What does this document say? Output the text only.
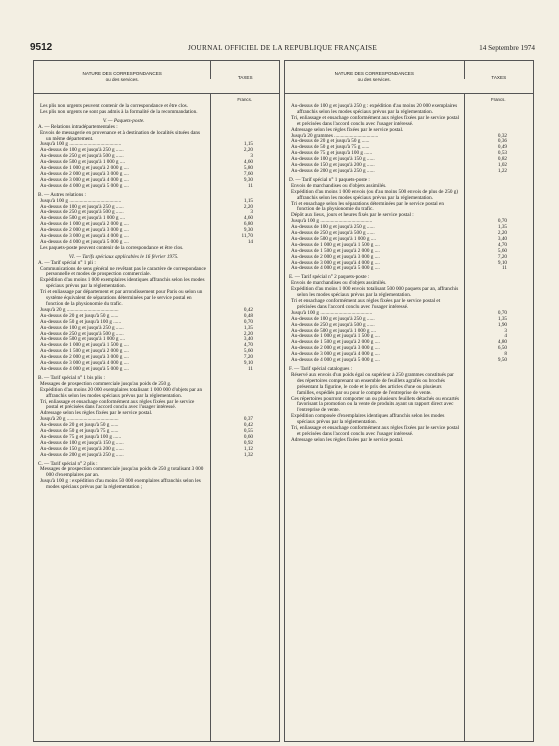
9512	JOURNAL OFFICIEL DE LA REPUBLIQUE FRANÇAISE	14 Septembre 1974
NATURE DES CORRESPONDANCES
ou des services.	TAXES
Francs.
Les plis non urgents peuvent contenir de la correspondance et être clos.
Les plis non urgents ne sont pas admis à la formalité de la recommandation.
V. — Paquets-poste.
A. — Relations intradépartementales :
Envois de messagerie en provenance et à destination de localités situées dans un même département.
Jusqu'à 100 g ........................................	1,15
Au-dessus de 100 g et jusqu'à 250 g ......	2,20
Au-dessus de 250 g et jusqu'à 500 g ......	3
Au-dessus de 500 g et jusqu'à 1 000 g ....	4,60
Au-dessus de 1 000 g et jusqu'à 2 000 g ....	5,80
Au-dessus de 2 000 g et jusqu'à 3 000 g ....	7,60
Au-dessus de 3 000 g et jusqu'à 4 000 g ....	9,30
Au-dessus de 4 000 g et jusqu'à 5 000 g ....	11
B. — Autres relations :
Jusqu'à 100 g ........................................	1,15
Au-dessus de 100 g et jusqu'à 250 g ......	2,20
Au-dessus de 250 g et jusqu'à 500 g ......	3
Au-dessus de 500 g et jusqu'à 1 000 g ....	4,60
Au-dessus de 1 000 g et jusqu'à 2 000 g ....	6,80
Au-dessus de 2 000 g et jusqu'à 3 000 g ....	9,30
Au-dessus de 3 000 g et jusqu'à 4 000 g ....	11,70
Au-dessus de 4 000 g et jusqu'à 5 000 g ....	14
Les paquets-poste peuvent contenir de la correspondance et être clos.
VI. — Tarifs spéciaux applicables le 16 février 1975.
A. — Tarif spécial n° 1 pli :
Communications de sens général ne revêtant pas le caractère de correspondance personnelle et modes de prospection commerciale.
Expédition d'au moins 1 000 exemplaires identiques affranchis selon les modes spéciaux prévus par la réglementation.
Tri et enliassage par département et par arrondissement pour Paris ou selon un système équivalent de séparations déterminées par le service postal en fonction de la physionomie du trafic.
Jusqu'à 20 g ........................................	0,42
Au-dessus de 20 g et jusqu'à 50 g ......	0,48
Au-dessus de 50 g et jusqu'à 100 g ......	0,70
Au-dessus de 100 g et jusqu'à 250 g ......	1,35
Au-dessus de 250 g et jusqu'à 500 g ......	2,20
Au-dessus de 500 g et jusqu'à 1 000 g ....	3,40
Au-dessus de 1 000 g et jusqu'à 1 500 g ....	4,70
Au-dessus de 1 500 g et jusqu'à 2 000 g ....	5,60
Au-dessus de 2 000 g et jusqu'à 3 000 g ....	7,20
Au-dessus de 3 000 g et jusqu'à 4 000 g ....	9,10
Au-dessus de 4 000 g et jusqu'à 5 000 g ....	11
B. — Tarif spécial n° 1 bis plis :
Messages de prospection commerciale jusqu'au poids de 250 g.
Expédition d'au moins 20 000 exemplaires totalisant 1 000 000 d'objets par an affranchis selon les modes spéciaux prévus par la réglementation.
Tri, enliassage et ensachage conformément aux règles fixées par le service postal et précisées dans l'accord conclu avec l'usager intéressé.
Adressage selon les règles fixées par le service postal.
Jusqu'à 20 g ........................................	0,37
Au-dessus de 20 g et jusqu'à 50 g ......	0,42
Au-dessus de 50 g et jusqu'à 75 g ......	0,55
Au-dessus de 75 g et jusqu'à 100 g ......	0,60
Au-dessus de 100 g et jusqu'à 150 g ......	0,92
Au-dessus de 150 g et jusqu'à 200 g ......	1,12
Au-dessus de 200 g et jusqu'à 250 g ......	1,32
C. — Tarif spécial n° 2 plis :
Messages de prospection commerciale jusqu'au poids de 250 g totalisant 3 000 000 d'exemplaires par an.
Jusqu'à 100 g : expédition d'au moins 50 000 exemplaires affranchis selon les modes spéciaux prévus par la réglementation ;
NATURE DES CORRESPONDANCES
ou des services.	TAXES
Francs.
Au-dessus de 100 g et jusqu'à 250 g : expédition d'au moins 20 000 exemplaires affranchis selon les modes spéciaux prévus par la réglementation.
Tri, enliassage et ensachage conformément aux règles fixées par le service postal et précisées dans l'accord conclu avec l'usager intéressé.
Adressage selon les règles fixées par le service postal.
Jusqu'à 20 grammes ..................................	0,32
Au-dessus de 20 g et jusqu'à 50 g ......	0,36
Au-dessus de 50 g et jusqu'à 75 g ......	0,49
Au-dessus de 75 g et jusqu'à 100 g ......	0,53
Au-dessus de 100 g et jusqu'à 150 g ......	0,82
Au-dessus de 150 g et jusqu'à 200 g ......	1,02
Au-dessus de 200 g et jusqu'à 250 g ......	1,22
D. — Tarif spécial n° 1 paquets-poste :
Envois de marchandises ou d'objets assimilés.
Expédition d'au moins 1 000 envois (ou d'au moins 500 envois de plus de 250 g) affranchis selon les modes spéciaux prévus par la réglementation.
Tri et ensachage selon les séparations déterminées par le service postal en fonction de la physionomie du trafic.
Dépôt aux lieux, jours et heures fixés par le service postal :
Jusqu'à 100 g ........................................	0,70
Au-dessus de 100 g et jusqu'à 250 g ......	1,35
Au-dessus de 250 g et jusqu'à 500 g ......	2,20
Au-dessus de 500 g et jusqu'à 1 000 g ....	3,40
Au-dessus de 1 000 g et jusqu'à 1 500 g ....	4,70
Au-dessus de 1 500 g et jusqu'à 2 000 g ....	5,60
Au-dessus de 2 000 g et jusqu'à 3 000 g ....	7,20
Au-dessus de 3 000 g et jusqu'à 4 000 g ....	9,10
Au-dessus de 4 000 g et jusqu'à 5 000 g ....	11
E. — Tarif spécial n° 2 paquets-poste :
Envois de marchandises ou d'objets assimilés.
Expédition d'au moins 1 000 envois totalisant 500 000 paquets par an, affranchis selon les modes spéciaux prévus par la réglementation.
Tri et ensachage conformément aux règles fixées par le service postal et précisées dans l'accord conclu avec l'usager intéressé.
Jusqu'à 100 g ........................................	0,70
Au-dessus de 100 g et jusqu'à 250 g ......	1,35
Au-dessus de 250 g et jusqu'à 500 g ......	1,90
Au-dessus de 500 g et jusqu'à 1 000 g ....	3
Au-dessus de 1 000 g et jusqu'à 1 500 g ....	4
Au-dessus de 1 500 g et jusqu'à 2 000 g ....	4,80
Au-dessus de 2 000 g et jusqu'à 3 000 g ....	6,50
Au-dessus de 3 000 g et jusqu'à 4 000 g ....	8
Au-dessus de 4 000 g et jusqu'à 5 000 g ....	9,50
F. — Tarif spécial catalogues :
Réservé aux envois d'un poids égal ou supérieur à 250 grammes constitués par des répertoires comprenant un ensemble de feuillets agrafés ou brochés présentant la figurine, le code et le prix des articles d'une ou plusieurs familles, expédiés par ou pour le compte de l'entreprise de vente.
Ces répertoires pourront comporter un ou plusieurs feuillets détachés ou encartés favorisant la promotion ou la vente de produits ayant un rapport direct avec l'entreprise de vente.
Expédition composée d'exemplaires identiques affranchis selon les modes spéciaux prévus par la réglementation.
Tri, enliassage et ensachage conformément aux règles fixées par le service postal et précisées dans l'accord conclu avec l'usager intéressé.
Adressage selon les règles fixées par le service postal.
